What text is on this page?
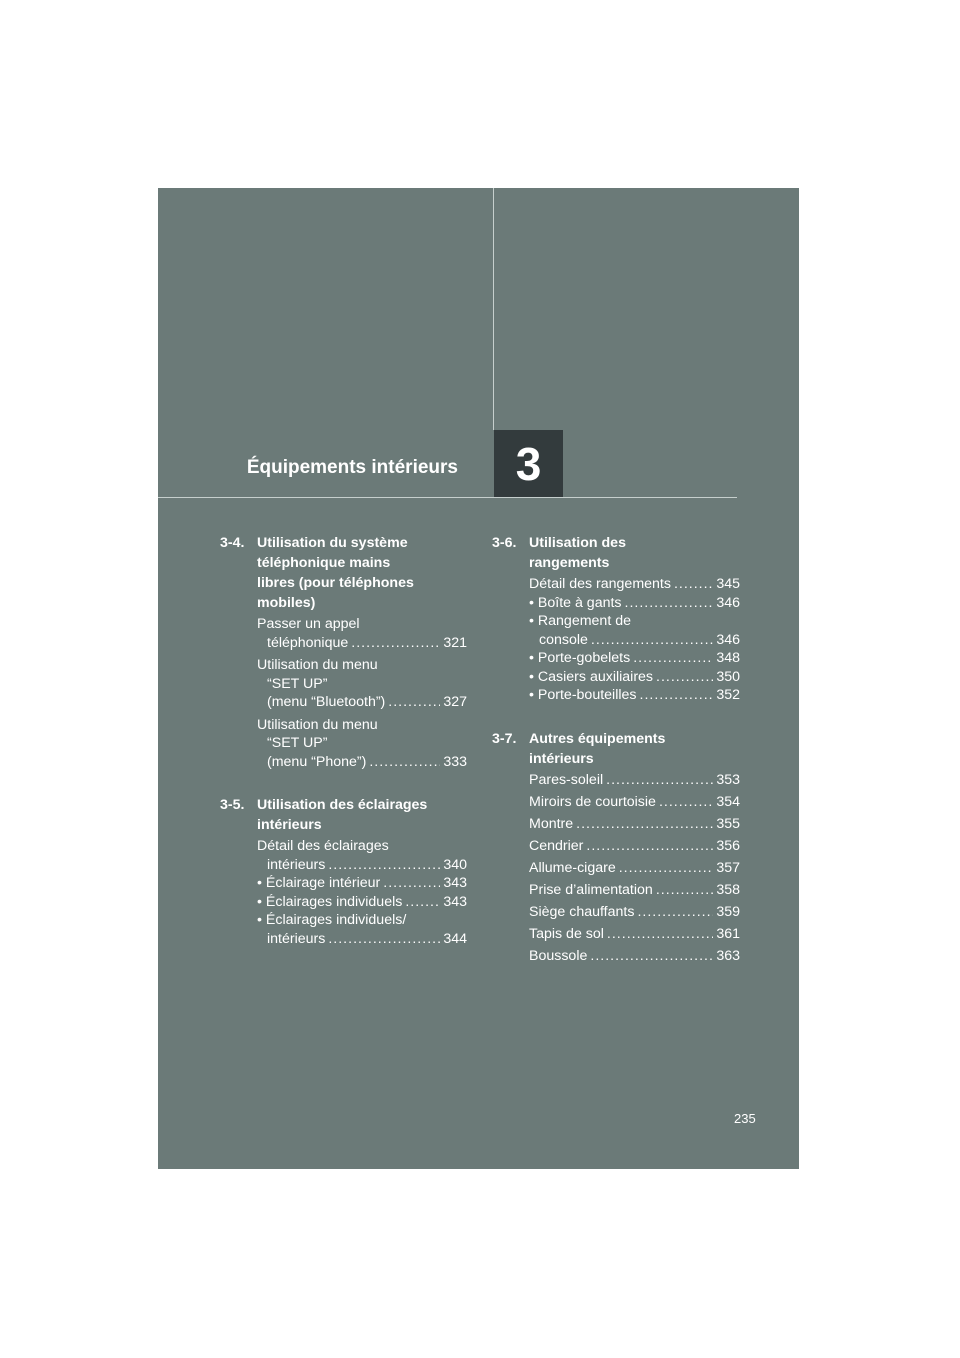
Équipements intérieurs 3
3-4. Utilisation du système
téléphonique mains
libres (pour téléphones
mobiles)
Passer un appel
téléphonique .....	321
Utilisation du menu
“SET UP”
(menu “Bluetooth”) .....	327
Utilisation du menu
“SET UP”
(menu “Phone”) .....	333
3-5. Utilisation des éclairages
intérieurs
Détail des éclairages
intérieurs .....	340
• Éclairage intérieur .....	343
• Éclairages individuels .....	343
• Éclairages individuels/
intérieurs .....	344
3-6. Utilisation des
rangements
Détail des rangements .....	345
• Boîte à gants .....	346
• Rangement de
console .....	346
• Porte-gobelets .....	348
• Casiers auxiliaires .....	350
• Porte-bouteilles .....	352
3-7. Autres équipements
intérieurs
Pares-soleil .....	353
Miroirs de courtoisie .....	354
Montre .....	355
Cendrier .....	356
Allume-cigare .....	357
Prise d’alimentation .....	358
Siège chauffants .....	359
Tapis de sol .....	361
Boussole .....	363
235
